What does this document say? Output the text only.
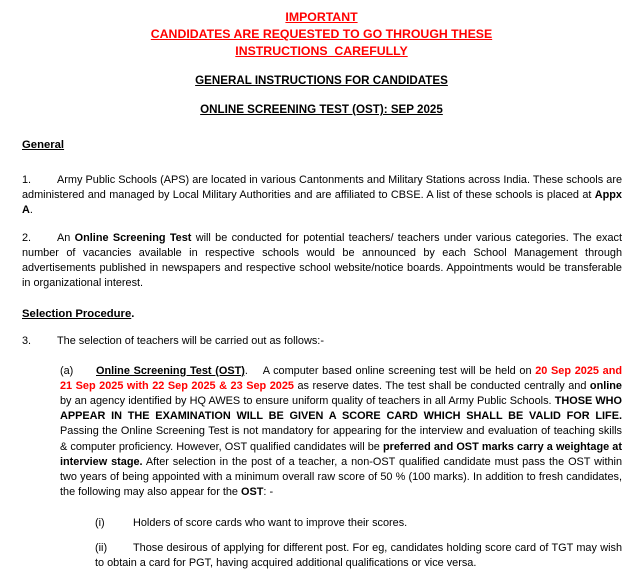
IMPORTANT
CANDIDATES ARE REQUESTED TO GO THROUGH THESE
INSTRUCTIONS  CAREFULLY
GENERAL INSTRUCTIONS FOR CANDIDATES
ONLINE SCREENING TEST (OST): SEP 2025
General
1.	Army Public Schools (APS) are located in various Cantonments and Military Stations across India. These schools are administered and managed by Local Military Authorities and are affiliated to CBSE. A list of these schools is placed at Appx A.
2.	An Online Screening Test will be conducted for potential teachers/ teachers under various categories. The exact number of vacancies available in respective schools would be announced by each School Management through advertisements published in newspapers and respective school website/notice boards. Appointments would be transferable in organizational interest.
Selection Procedure.
3.	The selection of teachers will be carried out as follows:-
(a)	Online Screening Test (OST). A computer based online screening test will be held on 20 Sep 2025 and 21 Sep 2025 with 22 Sep 2025 & 23 Sep 2025 as reserve dates. The test shall be conducted centrally and online by an agency identified by HQ AWES to ensure uniform quality of teachers in all Army Public Schools. THOSE WHO APPEAR IN THE EXAMINATION WILL BE GIVEN A SCORE CARD WHICH SHALL BE VALID FOR LIFE. Passing the Online Screening Test is not mandatory for appearing for the interview and evaluation of teaching skills & computer proficiency. However, OST qualified candidates will be preferred and OST marks carry a weightage at interview stage. After selection in the post of a teacher, a non-OST qualified candidate must pass the OST within two years of being appointed with a minimum overall raw score of 50 % (100 marks). In addition to fresh candidates, the following may also appear for the OST: -
(i)	Holders of score cards who want to improve their scores.
(ii)	Those desirous of applying for different post. For eg, candidates holding score card of TGT may wish to obtain a card for PGT, having acquired additional qualifications or vice versa.
